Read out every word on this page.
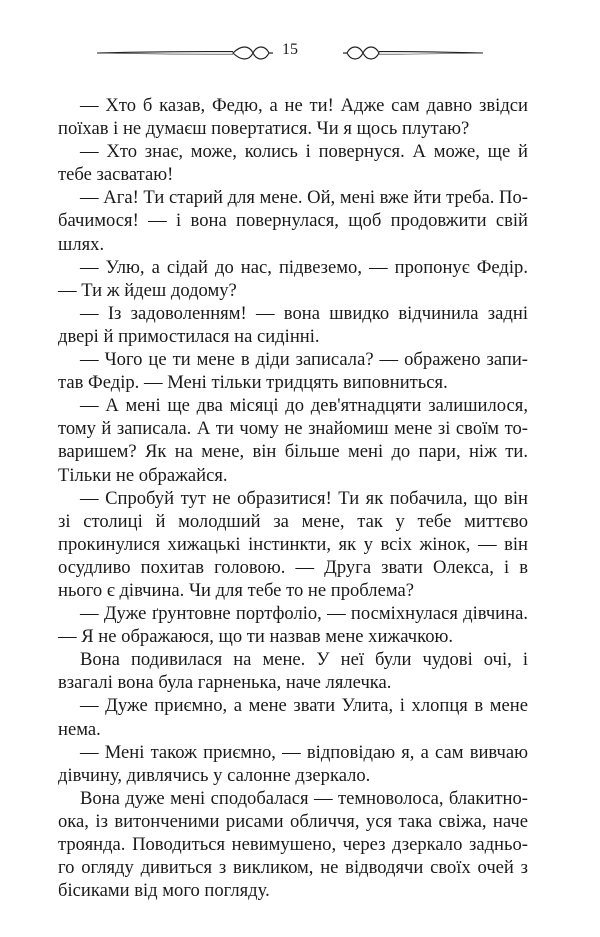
15

— Хто б казав, Федю, а не ти! Адже сам давно звідси поїхав і не думаєш повертатися. Чи я щось плутаю?

— Хто знає, може, колись і повернуся. А може, ще й тебе засватаю!

— Ага! Ти старий для мене. Ой, мені вже йти треба. Побачимося! — і вона повернулася, щоб продовжити свій шлях.

— Улю, а сідай до нас, підвеземо, — пропонує Федір. — Ти ж йдеш додому?

— Із задоволенням! — вона швидко відчинила задні двері й примостилася на сидінні.

— Чого це ти мене в діди записала? — ображено запитав Федір. — Мені тільки тридцять виповниться.

— А мені ще два місяці до дев'ятнадцяти залишилося, тому й записала. А ти чому не знайомиш мене зі своїм товаришем? Як на мене, він більше мені до пари, ніж ти. Тільки не ображайся.

— Спробуй тут не образитися! Ти як побачила, що він зі столиці й молодший за мене, так у тебе миттєво прокинулися хижацькі інстинкти, як у всіх жінок, — він осудливо похитав головою. — Друга звати Олекса, і в нього є дівчина. Чи для тебе то не проблема?

— Дуже ґрунтовне портфоліо, — посміхнулася дівчина. — Я не ображаюся, що ти назвав мене хижачкою.

Вона подивилася на мене. У неї були чудові очі, і взагалі вона була гарненька, наче лялечка.

— Дуже приємно, а мене звати Улита, і хлопця в мене нема.

— Мені також приємно, — відповідаю я, а сам вивчаю дівчину, дивлячись у салонне дзеркало.

Вона дуже мені сподобалася — темноволоса, блакитноока, із витонченими рисами обличчя, уся така свіжа, наче троянда. Поводиться невимушено, через дзеркало заднього огляду дивиться з викликом, не відводячи своїх очей з бісиками від мого погляду.
